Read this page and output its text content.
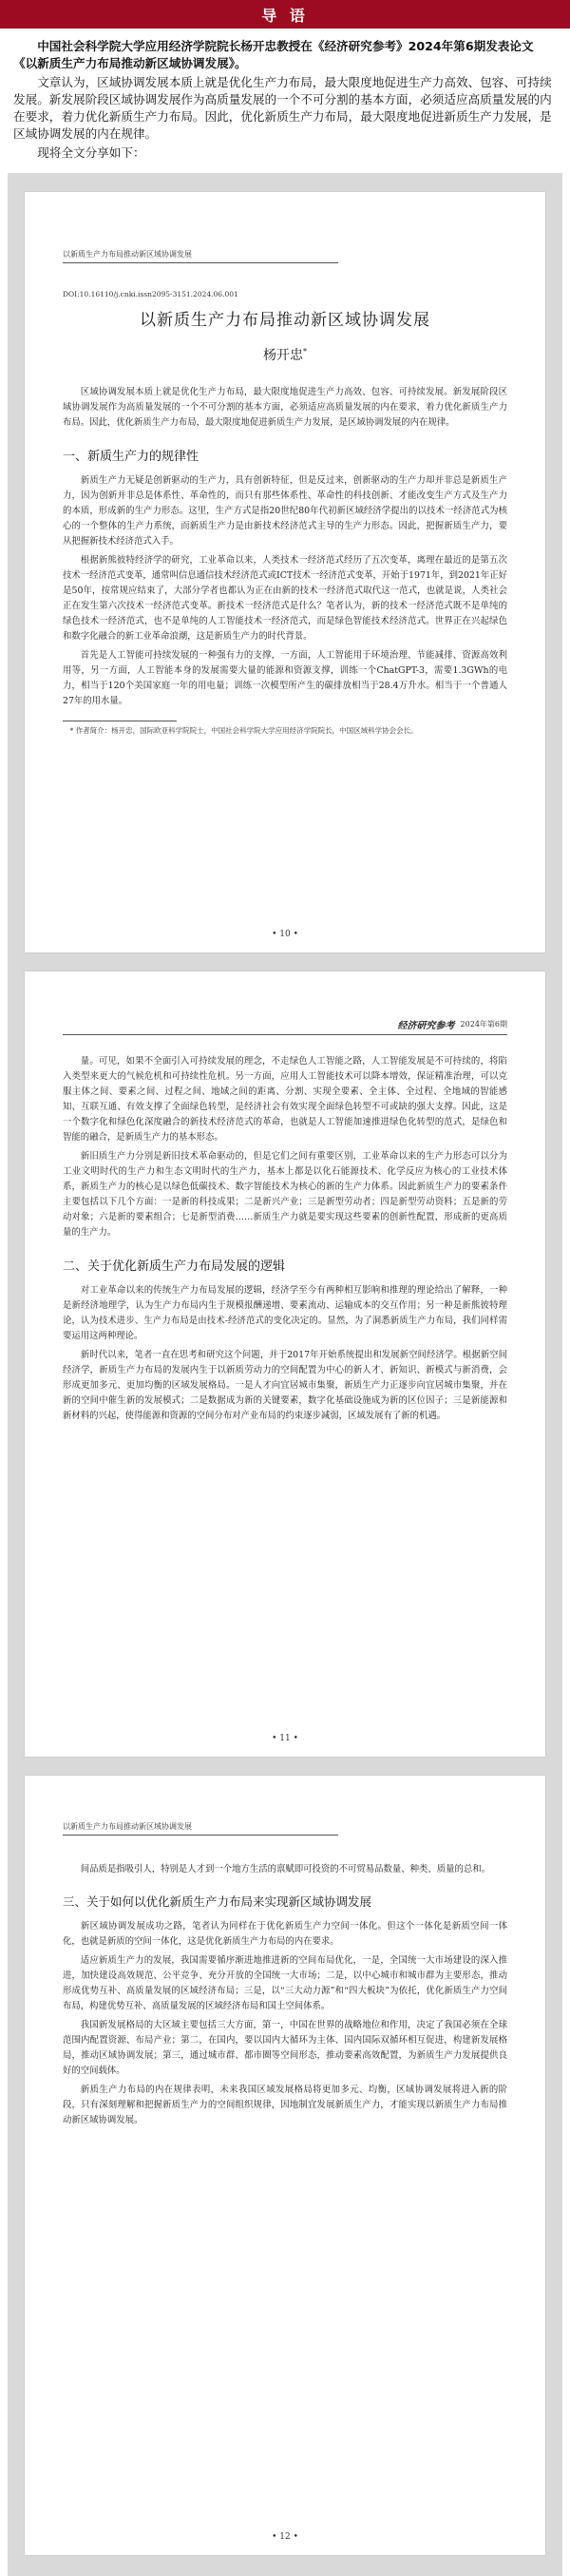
导 语

中国社会科学院大学应用经济学院院长杨开忠教授在《经济研究参考》2024年第6期发表论文《以新质生产力布局推动新区域协调发展》。

文章认为，区域协调发展本质上就是优化生产力布局，最大限度地促进生产力高效、包容、可持续发展。新发展阶段区域协调发展作为高质量发展的一个不可分割的基本方面，必须适应高质量发展的内在要求，着力优化新质生产力布局。因此，优化新质生产力布局，最大限度地促进新质生产力发展，是区域协调发展的内在规律。

现将全文分享如下：

以新质生产力布局推动新区域协调发展
DOI:10.16110/j.cnki.issn2095-3151.2024.06.001
以新质生产力布局推动新区域协调发展
杨开忠*

区域协调发展本质上就是优化生产力布局，最大限度地促进生产力高效、包容、可持续发展。新发展阶段区域协调发展作为高质量发展的一个不可分割的基本方面，必须适应高质量发展的内在要求，着力优化新质生产力布局。因此，优化新质生产力布局，最大限度地促进新质生产力发展，是区域协调发展的内在规律。

一、新质生产力的规律性

新质生产力无疑是创新驱动的生产力，具有创新特征，但是反过来，创新驱动的生产力却并非总是新质生产力，因为创新并非总是体系性、革命性的，而只有那些体系性、革命性的科技创新、才能改变生产方式及生产力的本质，形成新的生产力形态。这里，生产方式是指20世纪80年代初新区域经济学提出的以技术一经济范式为核心的一个整体的生产力系统，而新质生产力是由新技术经济范式主导的生产力形态。因此，把握新质生产力，要从把握新技术经济范式入手。

根据新熊彼特经济学的研究，工业革命以来，人类技术一经济范式经历了五次变革，离理在最近的是第五次技术一经济范式变革，通常叫信息通信技术经济范式或ICT技术一经济范式变革，开始于1971年，到2021年正好是50年，按常规应结束了，大部分学者也都认为正在由新的技术一经济范式取代这一范式，也就是说，人类社会正在发生第六次技术一经济范式变革。新技术一经济范式是什么？笔者认为，新的技术一经济范式既不是单纯的绿色技术一经济范式，也不是单纯的人工智能技术一经济范式，而是绿色智能技术经济范式。世界正在兴起绿色和数字化融合的新工业革命浪潮，这是新质生产力的时代背景。

首先是人工智能可持续发展的一种强有力的支撑，一方面，人工智能用于环境治理、节能减排、资源高效利用等，另一方面，人工智能本身的发展需要大量的能源和资源支撑，训练一个ChatGPT-3，需要1.3GWh的电力，相当于120个美国家庭一年的用电量；训练一次模型所产生的碳排放相当于28.4万升水。相当于一个普通人27年的用水量。

* 作者简介：杨开忠，国际欧亚科学院院士，中国社会科学院大学应用经济学院院长，中国区域科学协会会长。
• 10 •
经济研究参考 2024年第6期

量。可见，如果不全面引入可持续发展的理念，不走绿色人工智能之路，人工智能发展是不可持续的，将陷入类型来更大的气候危机和可持续性危机。另一方面，应用人工智能技术可以降本增效，保证精准治理，可以克服主体之间、要素之间、过程之间、地域之间的距离、分割、实现全要素、全主体、全过程、全地域的智能感知、互联互通、有效支撑了全面绿色转型，是经济社会有效实现全面绿色转型不可或缺的强大支撑。因此，这是一个数字化和绿色化深度融合的新技术经济范式的革命，也就是人工智能加速推进绿色化转型的范式，是绿色和智能的融合，是新质生产力的基本形态。

新旧质生产力分别是新旧技术革命驱动的，但是它们之间有重要区别，工业革命以来的生产力形态可以分为工业文明时代的生产力和生态文明时代的生产力，基本上都是以化石能源技术、化学反应为核心的工业技术体系，新质生产力的核心是以绿色低碳技术、数字智能技术为核心的新的生产力体系。因此新质生产力的要素条件主要包括以下几个方面：一是新的科技成果；二是新兴产业；三是新型劳动者；四是新型劳动资料；五是新的劳动对象；六是新的要素组合；七是新型消费……新质生产力就是要实现这些要素的创新性配置，形成新的更高质量的生产力。

二、关于优化新质生产力布局发展的逻辑

对工业革命以来的传统生产力布局发展的逻辑，经济学至今有两种相互影响和推理的理论给出了解释，一种是新经济地理学，认为生产力布局内生于规模报酬递增、要素流动、运输成本的交互作用；另一种是新熊彼特理论，认为技术进步、生产力布局是由技术-经济范式的变化决定的。显然，为了洞悉新质生产力布局，我们同样需要运用这两种理论。

新时代以来，笔者一直在思考和研究这个问题，并于2017年开始系统提出和发展新空间经济学。根据新空间经济学，新质生产力布局的发展内生于以新质劳动力的空间配置为中心的新人才、新知识、新模式与新消费，会形成更加多元、更加均衡的区域发展格局。一是人才向宜居城市集聚，新质生产力正逐步向宜居城市集聚，并在新的空间中催生新的发展模式；二是数据成为新的关键要素，数字化基础设施成为新的区位因子；三是新能源和新材料的兴起，使得能源和资源的空间分布对产业布局的约束逐步减弱，区域发展有了新的机遇。

• 11 •
以新质生产力布局推动新区域协调发展

间品质是指吸引人，特别是人才到一个地方生活的禀赋即可投资的不可贸易品数量、种类、质量的总和。

三、关于如何以优化新质生产力布局来实现新区域协调发展

新区域协调发展成功之路，笔者认为同样在于优化新质生产力空间一体化。但这个一体化是新质空间一体化，也就是新质的空间一体化，这是优化新质生产力布局的内在要求。

适应新质生产力的发展，我国需要循序渐进地推进新的空间布局优化，一是，全国统一大市场建设的深入推进，加快建设高效规范、公平竞争、充分开放的全国统一大市场；二是，以中心城市和城市群为主要形态，推动形成优势互补、高质量发展的区域经济布局；三是，以“三大动力源”和“四大板块”为依托，优化新质生产力空间布局，构建优势互补、高质量发展的区域经济布局和国土空间体系。

我国新发展格局的大区域主要包括三大方面，第一，中国在世界的战略地位和作用，决定了我国必须在全球范围内配置资源、布局产业；第二，在国内，要以国内大循环为主体、国内国际双循环相互促进，构建新发展格局，推动区域协调发展；第三，通过城市群、都市圈等空间形态，推动要素高效配置，为新质生产力发展提供良好的空间载体。

新质生产力布局的内在规律表明，未来我国区域发展格局将更加多元、均衡，区域协调发展将进入新的阶段，只有深刻理解和把握新质生产力的空间组织规律，因地制宜发展新质生产力，才能实现以新质生产力布局推动新区域协调发展。

• 12 •
